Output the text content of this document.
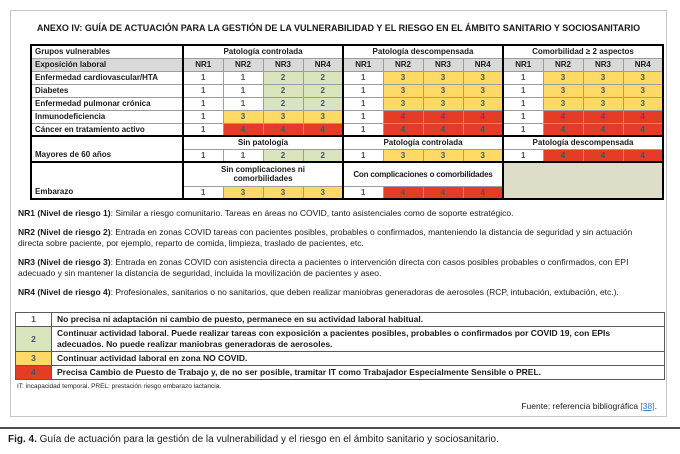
ANEXO IV: GUÍA DE ACTUACIÓN PARA LA GESTIÓN DE LA VULNERABILIDAD Y EL RIESGO EN EL ÁMBITO SANITARIO Y SOCIOSANITARIO
Grupos vulnerables	Patología controlada				Patología descompensada				Comorbilidad ≥ 2 aspectos			
Exposición laboral	NR1	NR2	NR3	NR4	NR1	NR2	NR3	NR4	NR1	NR2	NR3	NR4
Enfermedad cardiovascular/HTA	1	1	2	2	1	3	3	3	1	3	3	3
Diabetes	1	1	2	2	1	3	3	3	1	3	3	3
Enfermedad pulmonar crónica	1	1	2	2	1	3	3	3	1	3	3	3
Inmunodeficiencia	1	3	3	3	1	4	4	4	1	4	4	4
Cáncer en tratamiento activo	1	4	4	4	1	4	4	4	1	4	4	4
Mayores de 60 años	Sin patología				Patología controlada				Patología descompensada			
	1	1	2	2	1	3	3	3	1	4	4	4
Embarazo	Sin complicaciones ni comorbilidades				Con complicaciones o comorbilidades							
	1	3	3	3	1	4	4	4				

NR1 (Nivel de riesgo 1): Similar a riesgo comunitario. Tareas en áreas no COVID, tanto asistenciales como de soporte estratégico.

NR2 (Nivel de riesgo 2): Entrada en zonas COVID tareas con pacientes posibles, probables o confirmados, manteniendo la distancia de seguridad y sin actuación directa sobre paciente, por ejemplo, reparto de comida, limpieza, traslado de pacientes, etc.

NR3 (Nivel de riesgo 3): Entrada en zonas COVID con asistencia directa a pacientes o intervención directa con casos posibles probables o confirmados, con EPI adecuado y sin mantener la distancia de seguridad, incluida la movilización de pacientes y aseo.

NR4 (Nivel de riesgo 4): Profesionales, sanitarios o no sanitarios, que deben realizar maniobras generadoras de aerosoles (RCP, intubación, extubación, etc.).

1	No precisa ni adaptación ni cambio de puesto, permanece en su actividad laboral habitual.
2	Continuar actividad laboral. Puede realizar tareas con exposición a pacientes posibles, probables o confirmados por COVID 19, con EPIs adecuados. No puede realizar maniobras generadoras de aerosoles.
3	Continuar actividad laboral en zona NO COVID.
4	Precisa Cambio de Puesto de Trabajo y, de no ser posible, tramitar IT como Trabajador Especialmente Sensible o PREL.
IT: incapacidad temporal. PREL: prestación riesgo embarazo lactancia.
Fuente: referencia bibliográfica [38].
Fig. 4. Guía de actuación para la gestión de la vulnerabilidad y el riesgo en el ámbito sanitario y sociosanitario.
